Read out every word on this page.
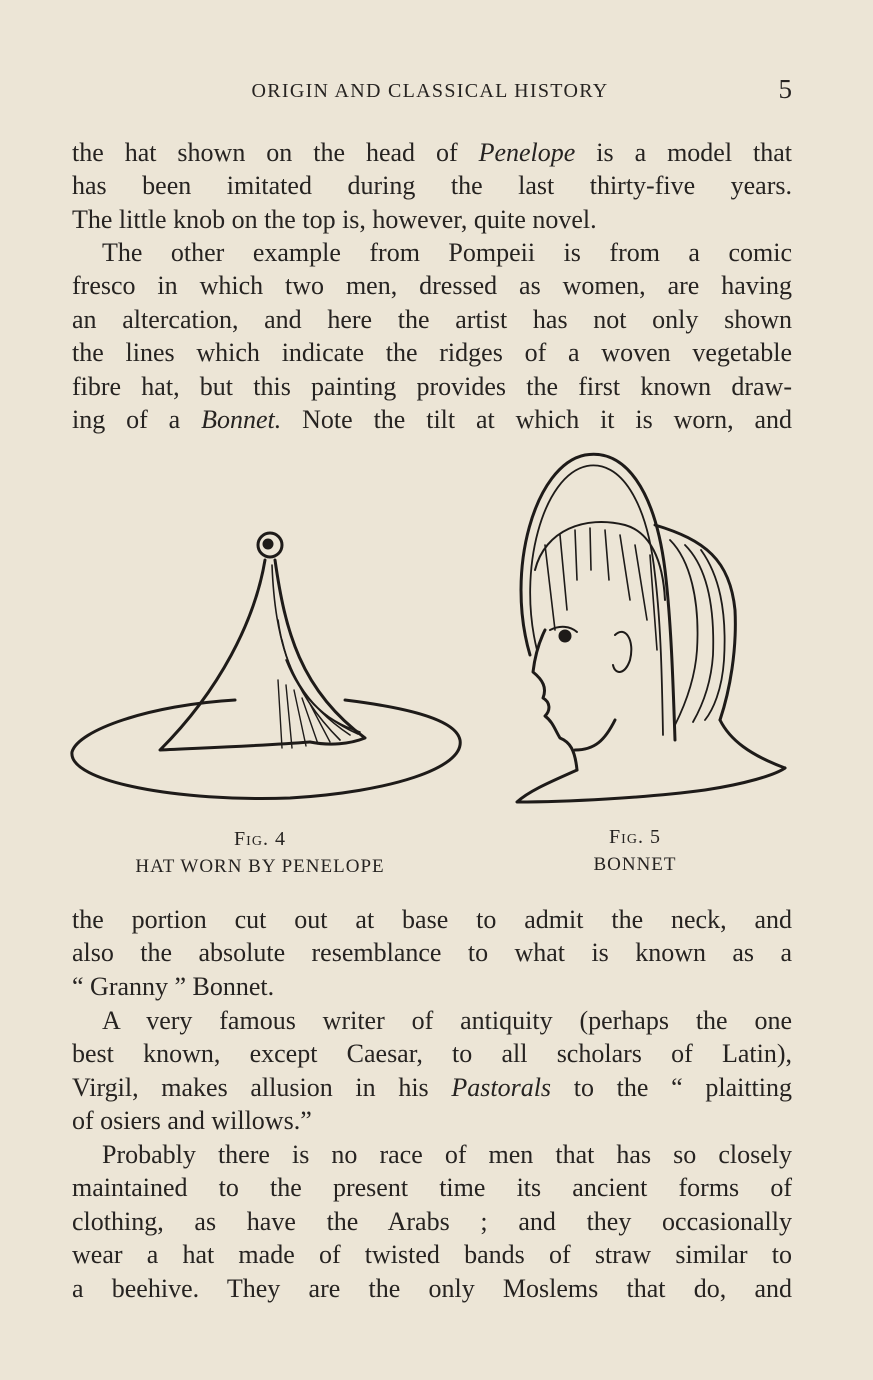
ORIGIN AND CLASSICAL HISTORY	5
the hat shown on the head of Penelope is a model that
has been imitated during the last thirty-five years.
The little knob on the top is, however, quite novel.
The other example from Pompeii is from a comic
fresco in which two men, dressed as women, are having
an altercation, and here the artist has not only shown
the lines which indicate the ridges of a woven vegetable
fibre hat, but this painting provides the first known draw-
ing of a Bonnet. Note the tilt at which it is worn, and
Fig. 4
HAT WORN BY PENELOPE
Fig. 5
BONNET
the portion cut out at base to admit the neck, and
also the absolute resemblance to what is known as a
“ Granny ” Bonnet.
A very famous writer of antiquity (perhaps the one
best known, except Caesar, to all scholars of Latin),
Virgil, makes allusion in his Pastorals to the “ plaitting
of osiers and willows.”
Probably there is no race of men that has so closely
maintained to the present time its ancient forms of
clothing, as have the Arabs ; and they occasionally
wear a hat made of twisted bands of straw similar to
a beehive. They are the only Moslems that do, and
